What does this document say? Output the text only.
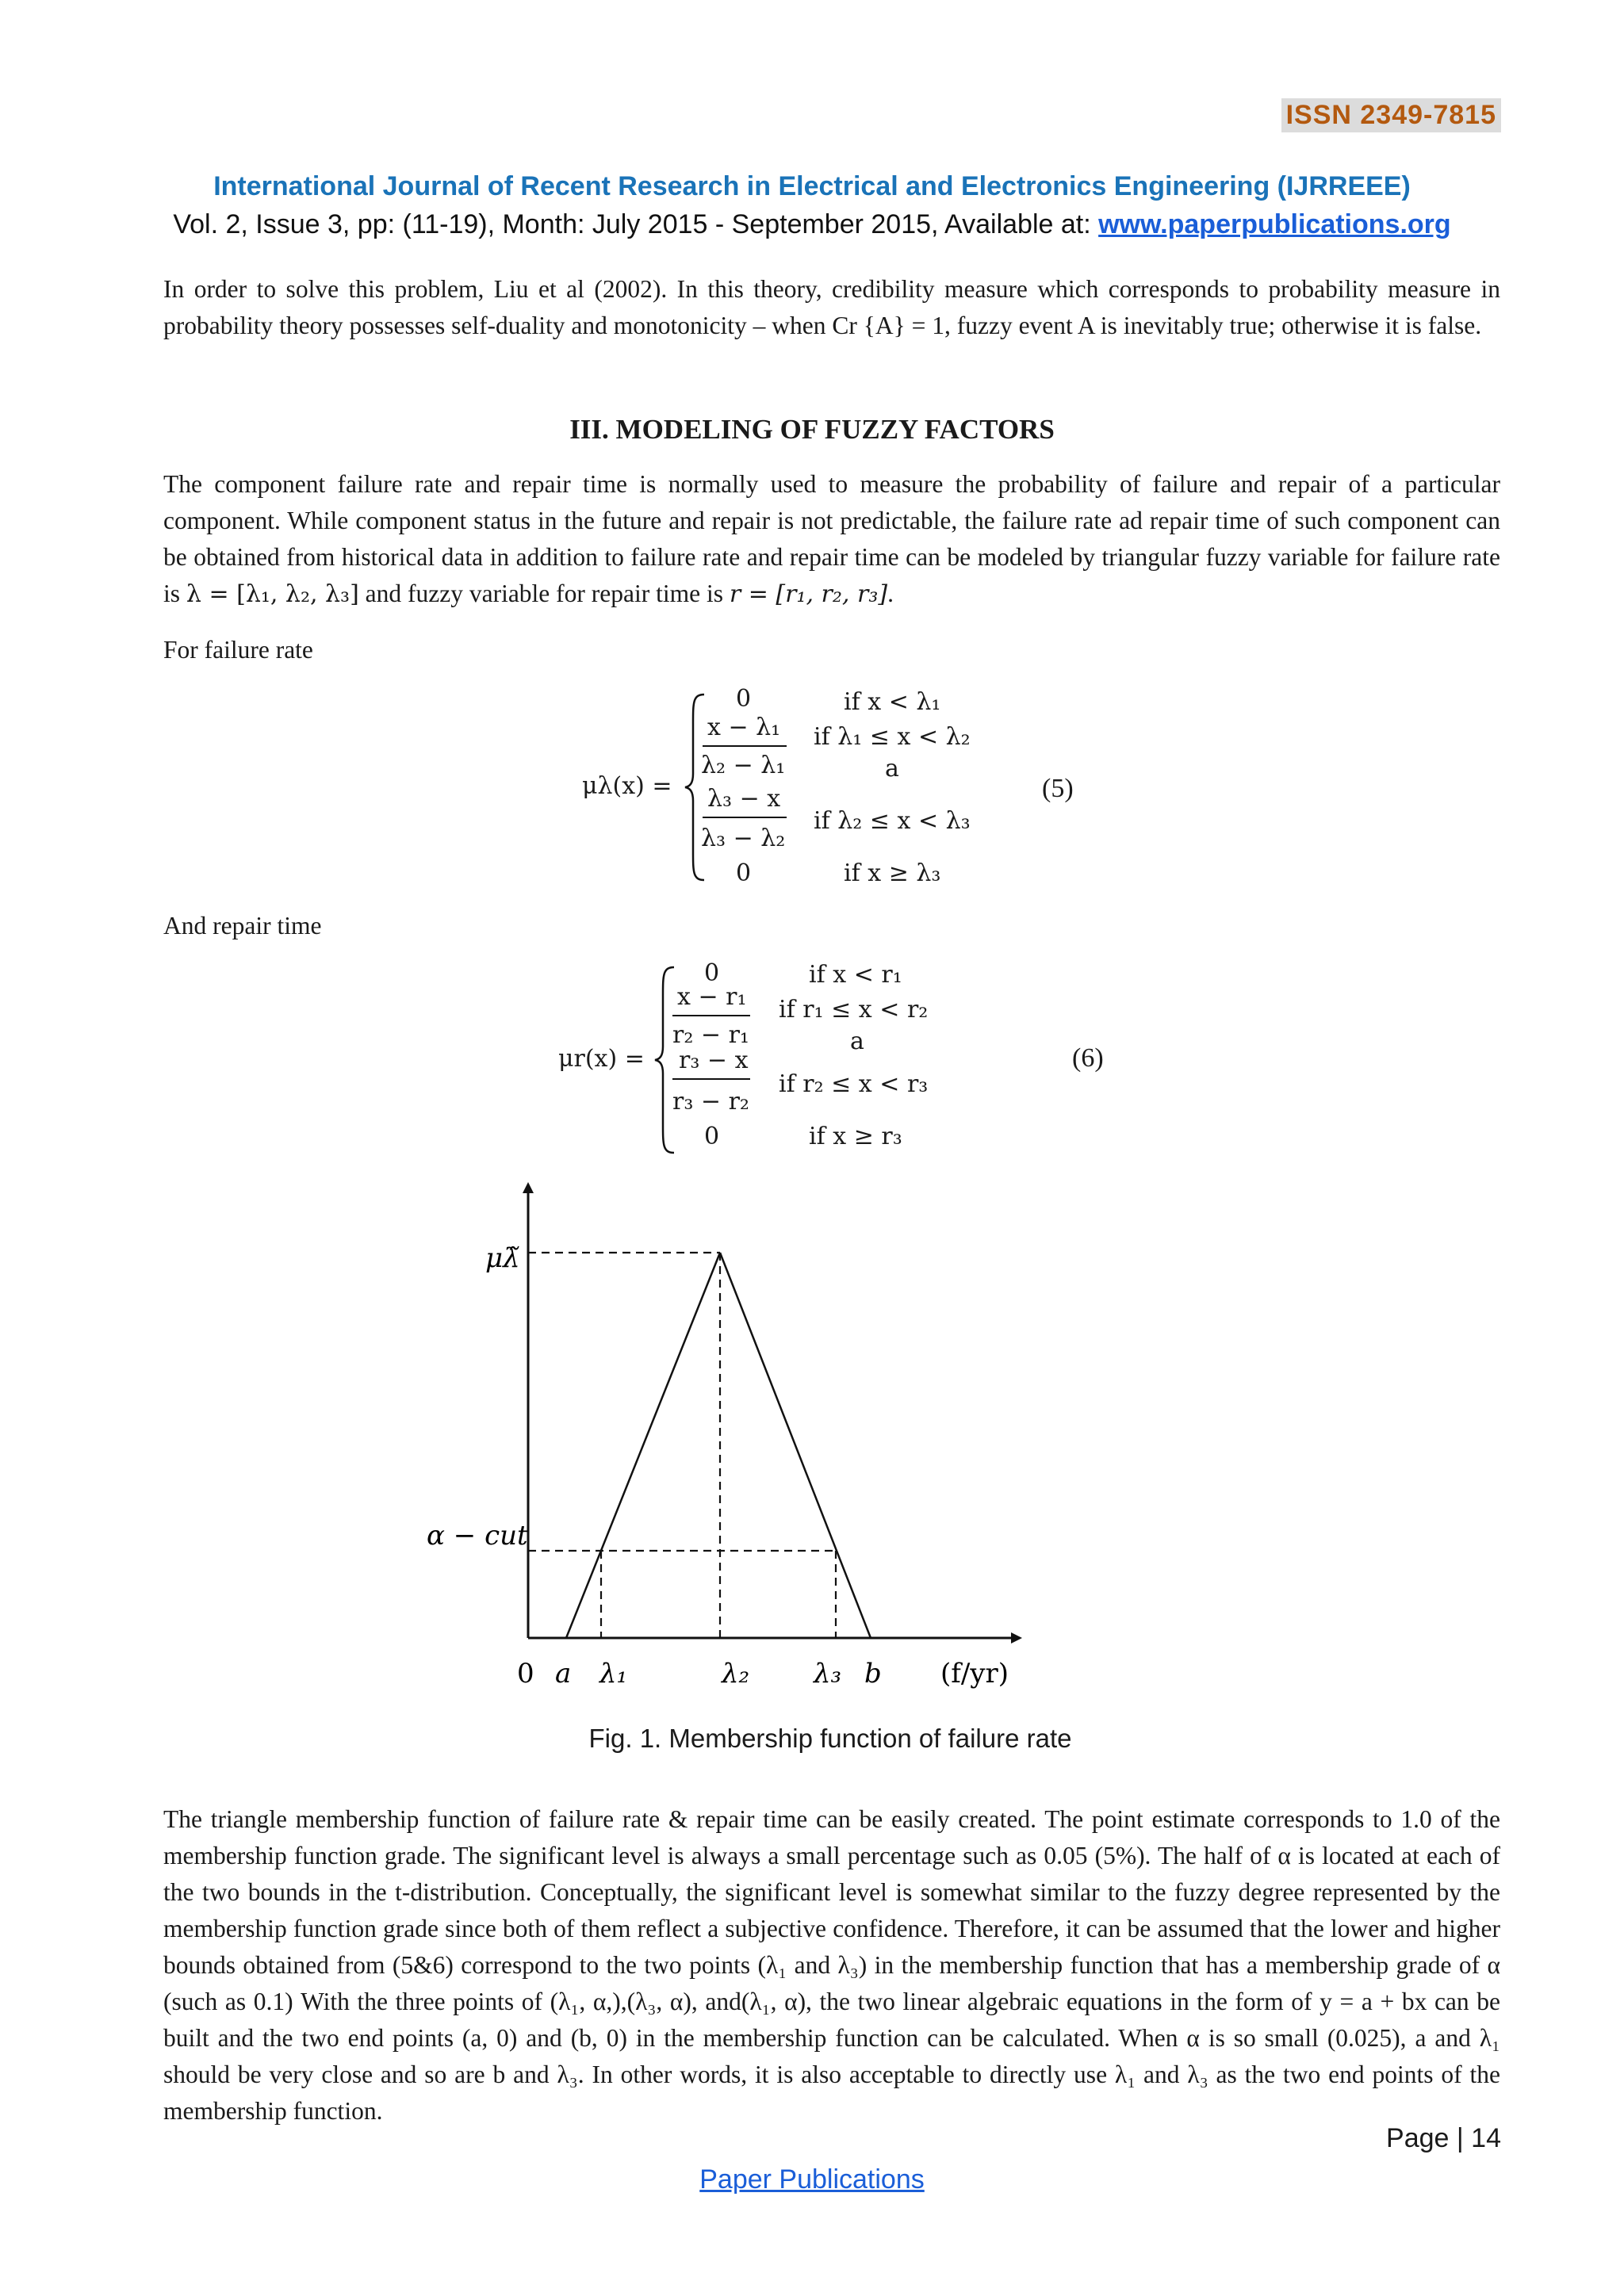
ISSN 2349-7815
International Journal of Recent Research in Electrical and Electronics Engineering (IJRREEE)
Vol. 2, Issue 3, pp: (11-19), Month: July 2015 - September 2015, Available at: www.paperpublications.org
In order to solve this problem, Liu et al (2002). In this theory, credibility measure which corresponds to probability measure in probability theory possesses self-duality and monotonicity – when Cr {A} = 1, fuzzy event A is inevitably true; otherwise it is false.
III. MODELING OF FUZZY FACTORS
The component failure rate and repair time is normally used to measure the probability of failure and repair of a particular component. While component status in the future and repair is not predictable, the failure rate ad repair time of such component can be obtained from historical data in addition to failure rate and repair time can be modeled by triangular fuzzy variable for failure rate is λ = [λ₁, λ₂, λ₃] and fuzzy variable for repair time is r = [r₁, r₂, r₃].
For failure rate
μλ(x) =
0	if x < λ₁
x − λ₁
λ₂ − λ₁
if λ₁ ≤ x < λ₂
a
λ₃ − x
λ₃ − λ₂
if λ₂ ≤ x < λ₃
0	if x ≥ λ₃
(5)
And repair time
μr(x) =
0	if x < r₁
x − r₁
r₂ − r₁
if r₁ ≤ x < r₂
a
r₃ − x
r₃ − r₂
if r₂ ≤ x < r₃
0	if x ≥ r₃
(6)
μλ̃
α − cut
0 a λ₁	λ₂ λ₃ b (f/yr)
Fig. 1. Membership function of failure rate
The triangle membership function of failure rate & repair time can be easily created. The point estimate corresponds to 1.0 of the membership function grade. The significant level is always a small percentage such as 0.05 (5%). The half of α is located at each of the two bounds in the t-distribution. Conceptually, the significant level is somewhat similar to the fuzzy degree represented by the membership function grade since both of them reflect a subjective confidence. Therefore, it can be assumed that the lower and higher bounds obtained from (5&6) correspond to the two points (λ₁ and λ₃) in the membership function that has a membership grade of α (such as 0.1) With the three points of (λ₁, α,),(λ₃, α), and(λ₁, α), the two linear algebraic equations in the form of y = a + bx can be built and the two end points (a, 0) and (b, 0) in the membership function can be calculated. When α is so small (0.025), a and λ₁ should be very close and so are b and λ₃. In other words, it is also acceptable to directly use λ₁ and λ₃ as the two end points of the membership function.
Page | 14
Paper Publications
